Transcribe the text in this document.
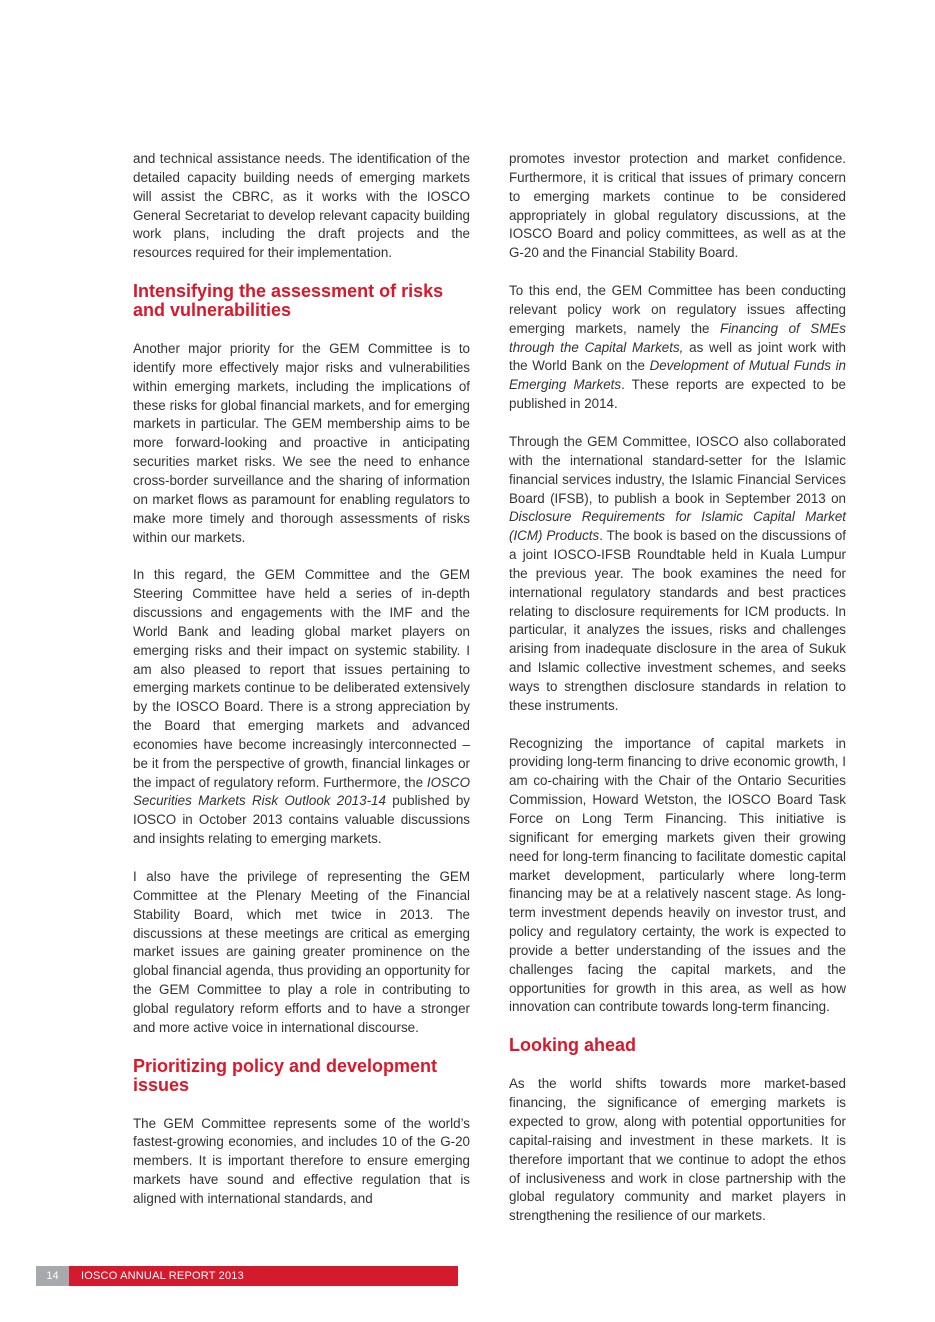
and technical assistance needs. The identification of the detailed capacity building needs of emerging markets will assist the CBRC, as it works with the IOSCO General Secretariat to develop relevant capacity building work plans, including the draft projects and the resources required for their implementation.

Intensifying the assessment of risks and vulnerabilities

Another major priority for the GEM Committee is to identify more effectively major risks and vulnerabilities within emerging markets, including the implications of these risks for global financial markets, and for emerging markets in particular. The GEM membership aims to be more forward-looking and proactive in anticipating securities market risks. We see the need to enhance cross-border surveillance and the sharing of information on market flows as paramount for enabling regulators to make more timely and thorough assessments of risks within our markets.

In this regard, the GEM Committee and the GEM Steering Committee have held a series of in-depth discussions and engagements with the IMF and the World Bank and leading global market players on emerging risks and their impact on systemic stability. I am also pleased to report that issues pertaining to emerging markets continue to be deliberated extensively by the IOSCO Board. There is a strong appreciation by the Board that emerging markets and advanced economies have become increasingly interconnected – be it from the perspective of growth, financial linkages or the impact of regulatory reform. Furthermore, the IOSCO Securities Markets Risk Outlook 2013-14 published by IOSCO in October 2013 contains valuable discussions and insights relating to emerging markets.

I also have the privilege of representing the GEM Committee at the Plenary Meeting of the Financial Stability Board, which met twice in 2013. The discussions at these meetings are critical as emerging market issues are gaining greater prominence on the global financial agenda, thus providing an opportunity for the GEM Committee to play a role in contributing to global regulatory reform efforts and to have a stronger and more active voice in international discourse.

Prioritizing policy and development issues

The GEM Committee represents some of the world’s fastest-growing economies, and includes 10 of the G-20 members. It is important therefore to ensure emerging markets have sound and effective regulation that is aligned with international standards, and

promotes investor protection and market confidence. Furthermore, it is critical that issues of primary concern to emerging markets continue to be considered appropriately in global regulatory discussions, at the IOSCO Board and policy committees, as well as at the G-20 and the Financial Stability Board.

To this end, the GEM Committee has been conducting relevant policy work on regulatory issues affecting emerging markets, namely the Financing of SMEs through the Capital Markets, as well as joint work with the World Bank on the Development of Mutual Funds in Emerging Markets. These reports are expected to be published in 2014.

Through the GEM Committee, IOSCO also collaborated with the international standard-setter for the Islamic financial services industry, the Islamic Financial Services Board (IFSB), to publish a book in September 2013 on Disclosure Requirements for Islamic Capital Market (ICM) Products. The book is based on the discussions of a joint IOSCO-IFSB Roundtable held in Kuala Lumpur the previous year. The book examines the need for international regulatory standards and best practices relating to disclosure requirements for ICM products. In particular, it analyzes the issues, risks and challenges arising from inadequate disclosure in the area of Sukuk and Islamic collective investment schemes, and seeks ways to strengthen disclosure standards in relation to these instruments.

Recognizing the importance of capital markets in providing long-term financing to drive economic growth, I am co-chairing with the Chair of the Ontario Securities Commission, Howard Wetston, the IOSCO Board Task Force on Long Term Financing. This initiative is significant for emerging markets given their growing need for long-term financing to facilitate domestic capital market development, particularly where long-term financing may be at a relatively nascent stage. As long-term investment depends heavily on investor trust, and policy and regulatory certainty, the work is expected to provide a better understanding of the issues and the challenges facing the capital markets, and the opportunities for growth in this area, as well as how innovation can contribute towards long-term financing.

Looking ahead

As the world shifts towards more market-based financing, the significance of emerging markets is expected to grow, along with potential opportunities for capital-raising and investment in these markets. It is therefore important that we continue to adopt the ethos of inclusiveness and work in close partnership with the global regulatory community and market players in strengthening the resilience of our markets.

14	IOSCO ANNUAL REPORT 2013
